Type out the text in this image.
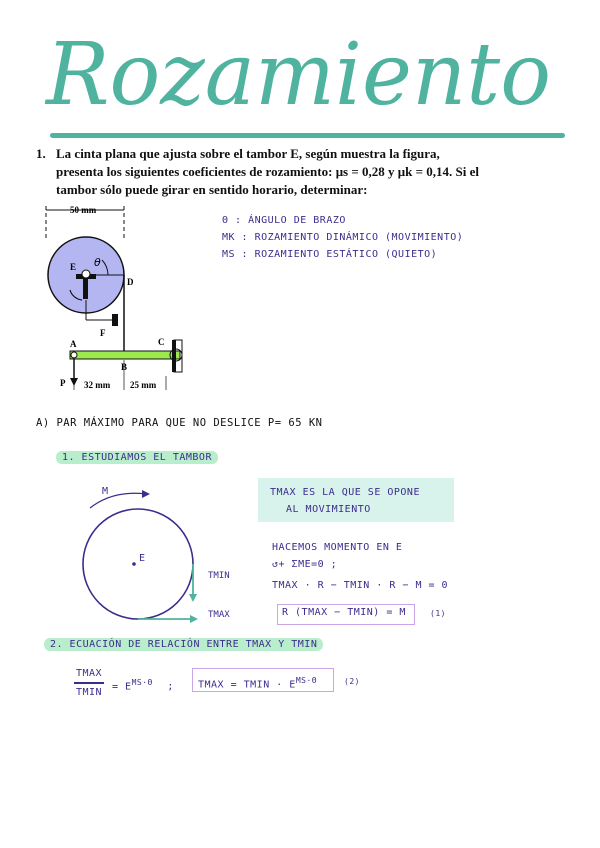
Rozamiento
1. La cinta plana que ajusta sobre el tambor E, según muestra la figura,
presenta los siguientes coeficientes de rozamiento: μs = 0,28 y μk = 0,14. Si el
tambor sólo puede girar en sentido horario, determinar:
50 mm
θ
E
D
F
A
B
C
P 32 mm 25 mm
Θ : ÁNGULO DE BRAZO
ΜK : ROZAMIENTO DINÁMICO (MOVIMIENTO)
ΜS : ROZAMIENTO ESTÁTICO (QUIETO)
A) PAR MÁXIMO PARA QUE NO DESLICE P= 65 KN
1. ESTUDIAMOS EL TAMBOR
M
E
TMIN
TMAX
TMAX ES LA QUE SE OPONE
AL MOVIMIENTO
HACEMOS MOMENTO EN E
↺+ ΣME=0 ;
TMAX · R − TMIN · R − M = 0
R (TMAX − TMIN) = M	(1)
2. ECUACIÓN DE RELACIÓN ENTRE TMAX Y TMIN
TMAX
TMIN = $E^{MS\cdot\Theta}$ ; TMAX = TMIN · $E^{MS\cdot\Theta}$	(2)
